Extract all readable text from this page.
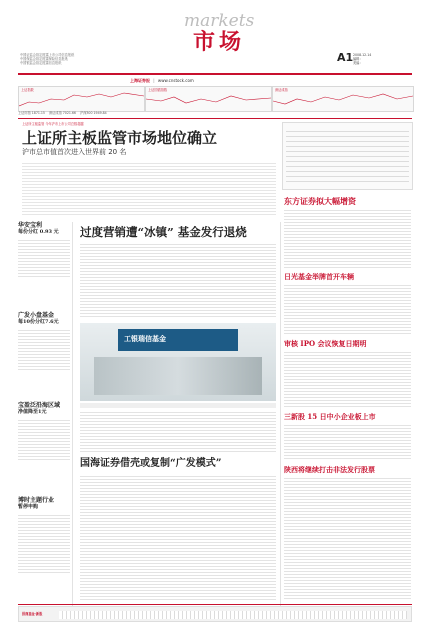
中国证监会指定披露上市公司信息报纸
中国保监会指定披露保险信息报纸
中国银监会指定披露信息报纸
markets
市场
A1 2008.12.14
编辑：
美编：
上海证券报 | www.cnstock.com
上证指数	上证国债指数	深证成指
上证综指 1871.15 深证成指 7021.66 沪深300 1949.84
上证所主板监管 今年沪市上市公司总数超越
上证所主板监管市场地位确立
沪市总市值首次进入世界前 20 名

华安宝利
每份分红 0.93 元
广发小盘基金
每10份分红7.6元
宝盈泛沿海区域
净值降至1元
博时主题行业
暂停申购
过度营销遭“冰镇” 基金发行退烧
工银瑞信基金
国海证券借壳或复制“广发模式”
东方证券拟大幅增资
日光基金举牌首开车辆
审核 IPO 会议恢复日期明
三新股 15 日中小企业板上市
陕西将继续打击非法发行股票
招商基金·新股
